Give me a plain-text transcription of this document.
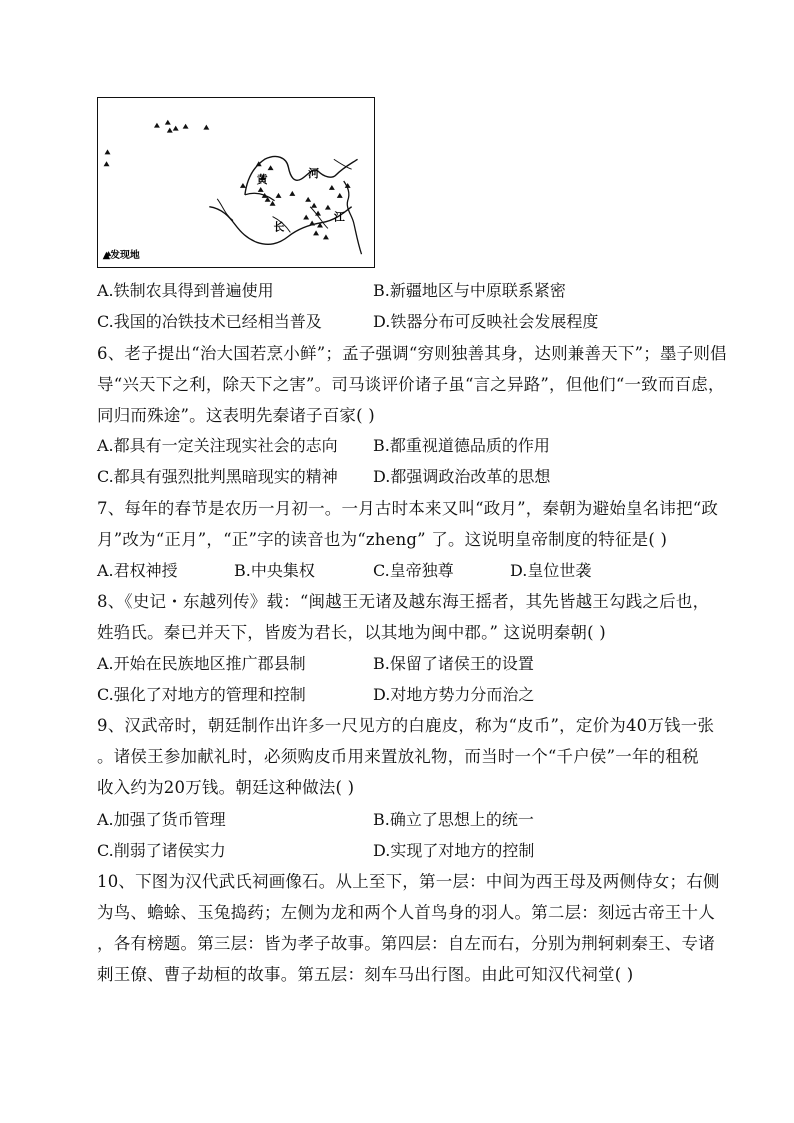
黄	河
长
江
▲发现地
A.铁制农具得到普遍使用	B.新疆地区与中原联系紧密
C.我国的冶铁技术已经相当普及	D.铁器分布可反映社会发展程度
6、老子提出“治大国若烹小鲜”；孟子强调“穷则独善其身，达则兼善天下”；墨子则倡
导“兴天下之利，除天下之害”。司马谈评价诸子虽“言之异路”，但他们“一致而百虑，
同归而殊途”。这表明先秦诸子百家( )
A.都具有一定关注现实社会的志向 B.都重视道德品质的作用
C.都具有强烈批判黑暗现实的精神 D.都强调政治改革的思想
7、每年的春节是农历一月初一。一月古时本来又叫“政月”，秦朝为避始皇名讳把“政
月”改为“正月”，“正”字的读音也为“zheng” 了。这说明皇帝制度的特征是( )
A.君权神授	B.中央集权	C.皇帝独尊	D.皇位世袭
8、《史记・东越列传》载：“闽越王无诸及越东海王摇者，其先皆越王勾践之后也，
姓驺氏。秦已并天下，皆废为君长，以其地为闽中郡。” 这说明秦朝( )
A.开始在民族地区推广郡县制	B.保留了诸侯王的设置
C.强化了对地方的管理和控制	D.对地方势力分而治之
9、汉武帝时，朝廷制作出许多一尺见方的白鹿皮，称为“皮币”，定价为40万钱一张
。诸侯王参加献礼时，必须购皮币用来置放礼物，而当时一个“千户侯”一年的租税
收入约为20万钱。朝廷这种做法( )
A.加强了货币管理	B.确立了思想上的统一
C.削弱了诸侯实力	D.实现了对地方的控制
10、下图为汉代武氏祠画像石。从上至下，第一层：中间为西王母及两侧侍女；右侧
为鸟、蟾蜍、玉兔捣药；左侧为龙和两个人首鸟身的羽人。第二层：刻远古帝王十人
，各有榜题。第三层：皆为孝子故事。第四层：自左而右，分别为荆轲刺秦王、专诸
刺王僚、曹子劫桓的故事。第五层：刻车马出行图。由此可知汉代祠堂( )
